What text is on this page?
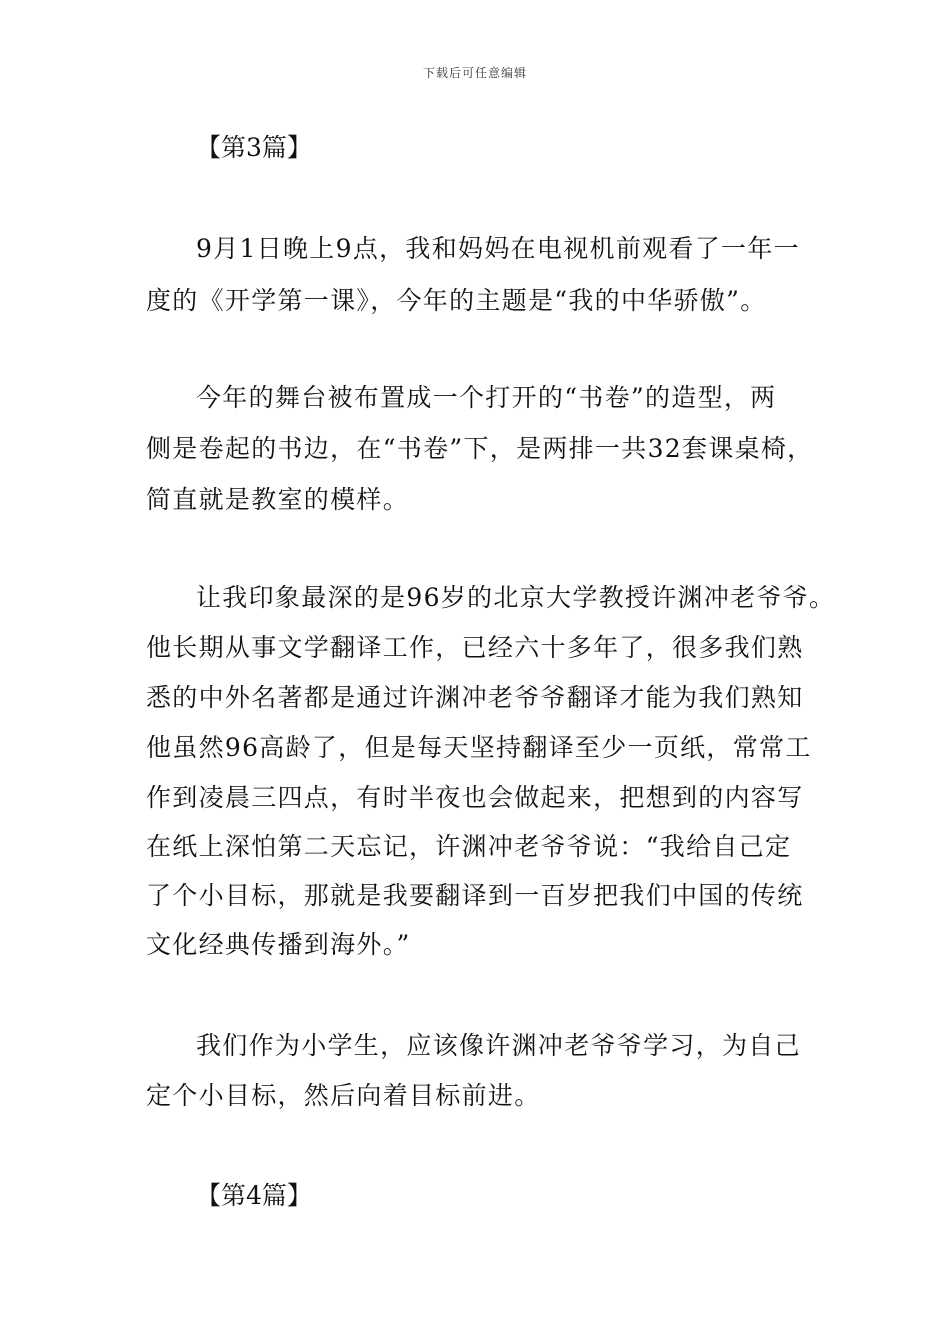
下载后可任意编辑
【第3篇】
9月1日晚上9点，我和妈妈在电视机前观看了一年一
度的《开学第一课》，今年的主题是“我的中华骄傲”。
今年的舞台被布置成一个打开的“书卷”的造型，两
侧是卷起的书边，在“书卷”下，是两排一共32套课桌椅，
简直就是教室的模样。
让我印象最深的是96岁的北京大学教授许渊冲老爷爷。
他长期从事文学翻译工作，已经六十多年了，很多我们熟
悉的中外名著都是通过许渊冲老爷爷翻译才能为我们熟知
他虽然96高龄了，但是每天坚持翻译至少一页纸，常常工
作到凌晨三四点，有时半夜也会做起来，把想到的内容写
在纸上深怕第二天忘记，许渊冲老爷爷说：“我给自己定
了个小目标，那就是我要翻译到一百岁把我们中国的传统
文化经典传播到海外。”
我们作为小学生，应该像许渊冲老爷爷学习，为自己
定个小目标，然后向着目标前进。
【第4篇】
